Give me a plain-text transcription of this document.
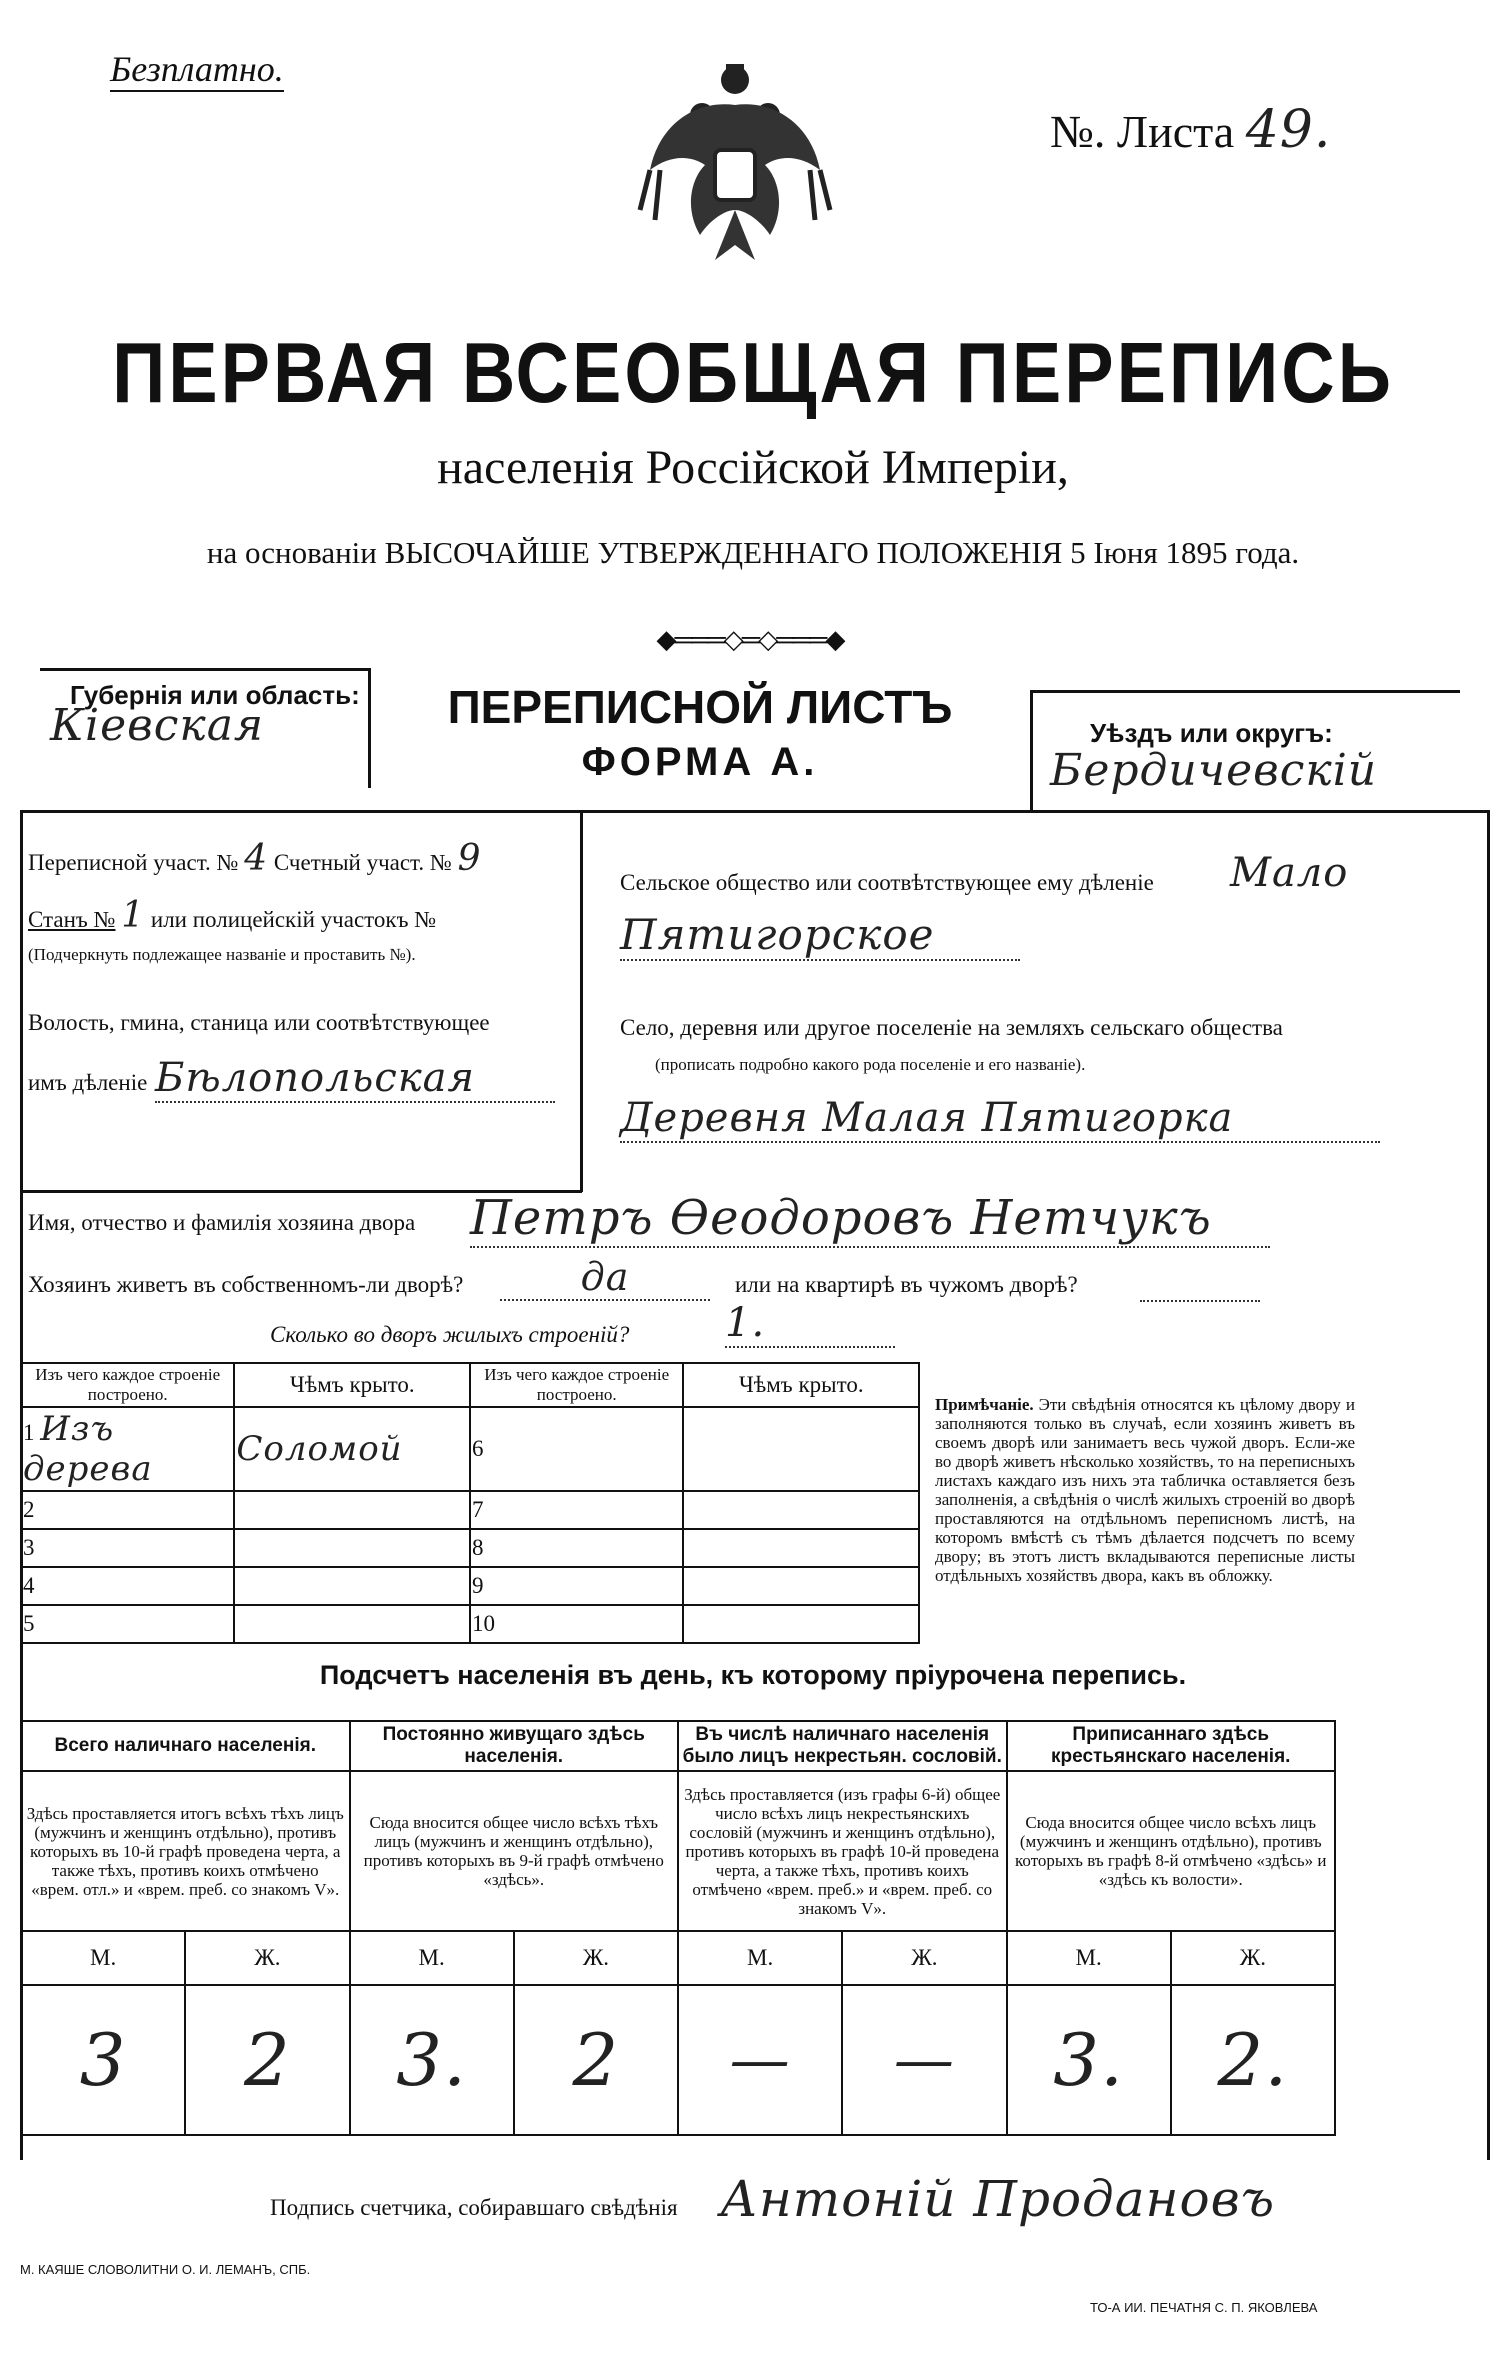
Безплатно.
№. Листа 49.
ПЕРВАЯ ВСЕОБЩАЯ ПЕРЕПИСЬ
населенія Россійской Имперіи,
на основаніи ВЫСОЧАЙШЕ УТВЕРЖДЕННАГО ПОЛОЖЕНІЯ 5 Іюня 1895 года.
◆═══◇═◇═══◆
Губернія или область:
Кіевская	ПЕРЕПИСНОЙ ЛИСТЪ
ФОРМА А.
Уѣздъ или округъ:
Бердичевскій
Переписной участ. № 4 Счетный участ. № 9
Станъ № 1 или полицейскій участокъ №
(Подчеркнуть подлежащее названіе и проставить №).
Волость, гмина, станица или соотвѣтствующее
имъ дѣленіе Бѣлопольская
Сельское общество или соотвѣтствующее ему дѣленіе Мало
Пятигорское
Село, деревня или другое поселеніе на земляхъ сельскаго общества
(прописать подробно какого рода поселеніе и его названіе).
Деревня Малая Пятигорка
Имя, отчество и фамилія хозяина двора Петръ Ѳеодоровъ Нетчукъ
Хозяинъ живетъ въ собственномъ-ли дворѣ?	да	или на квартирѣ въ чужомъ дворѣ?
Сколько во дворъ жилыхъ строеній? 1.
Изъ чего каждое строеніе построено.	Чѣмъ крыто.	Изъ чего каждое строеніе построено.	Чѣмъ крыто.
1 Изъ дерева	Соломой	6	
2		7	
3		8	
4		9	
5		10	
Примѣчаніе. Эти свѣдѣнія относятся къ цѣлому двору и заполняются только въ случаѣ, если хозяинъ живетъ въ своемъ дворѣ или занимаетъ весь чужой дворъ. Если-же во дворѣ живетъ нѣсколько хозяйствъ, то на переписныхъ листахъ каждаго изъ нихъ эта табличка оставляется безъ заполненія, а свѣдѣнія о числѣ жилыхъ строеній во дворѣ проставляются на отдѣльномъ переписномъ листѣ, на которомъ вмѣстѣ съ тѣмъ дѣлается подсчетъ по всему двору; въ этотъ листъ вкладываются переписные листы отдѣльныхъ хозяйствъ двора, какъ въ обложку.
Подсчетъ населенія въ день, къ которому пріурочена перепись.
Всего наличнаго населенія.		Постоянно живущаго здѣсь населенія.		Въ числѣ наличнаго населенія было лицъ некрестьян. сословій.		Приписаннаго здѣсь крестьянскаго населенія.	
Здѣсь проставляется итогъ всѣхъ тѣхъ лицъ (мужчинъ и женщинъ отдѣльно), противъ которыхъ въ 10-й графѣ проведена черта, а также тѣхъ, противъ коихъ отмѣчено «врем. отл.» и «врем. преб. со знакомъ V».		Сюда вносится общее число всѣхъ тѣхъ лицъ (мужчинъ и женщинъ отдѣльно), противъ которыхъ въ 9-й графѣ отмѣчено «здѣсь».		Здѣсь проставляется (изъ графы 6-й) общее число всѣхъ лицъ некрестьянскихъ сословій (мужчинъ и женщинъ отдѣльно), противъ которыхъ въ графѣ 10-й проведена черта, а также тѣхъ, противъ коихъ отмѣчено «врем. преб.» и «врем. преб. со знакомъ V».		Сюда вносится общее число всѣхъ лицъ (мужчинъ и женщинъ отдѣльно), противъ которыхъ въ графѣ 8-й отмѣчено «здѣсь» и «здѣсь къ волости».	
М.	Ж.	М.	Ж.	М.	Ж.	М.	Ж.
3	2	3.	2	—	—	3.	2.
Подпись счетчика, собиравшаго свѣдѣнія Антоній Продановъ
М. КАЯШЕ СЛОВОЛИТНИ О. И. ЛЕМАНЪ, СПБ.
ТО-А ИИ. ПЕЧАТНЯ С. П. ЯКОВЛЕВА
